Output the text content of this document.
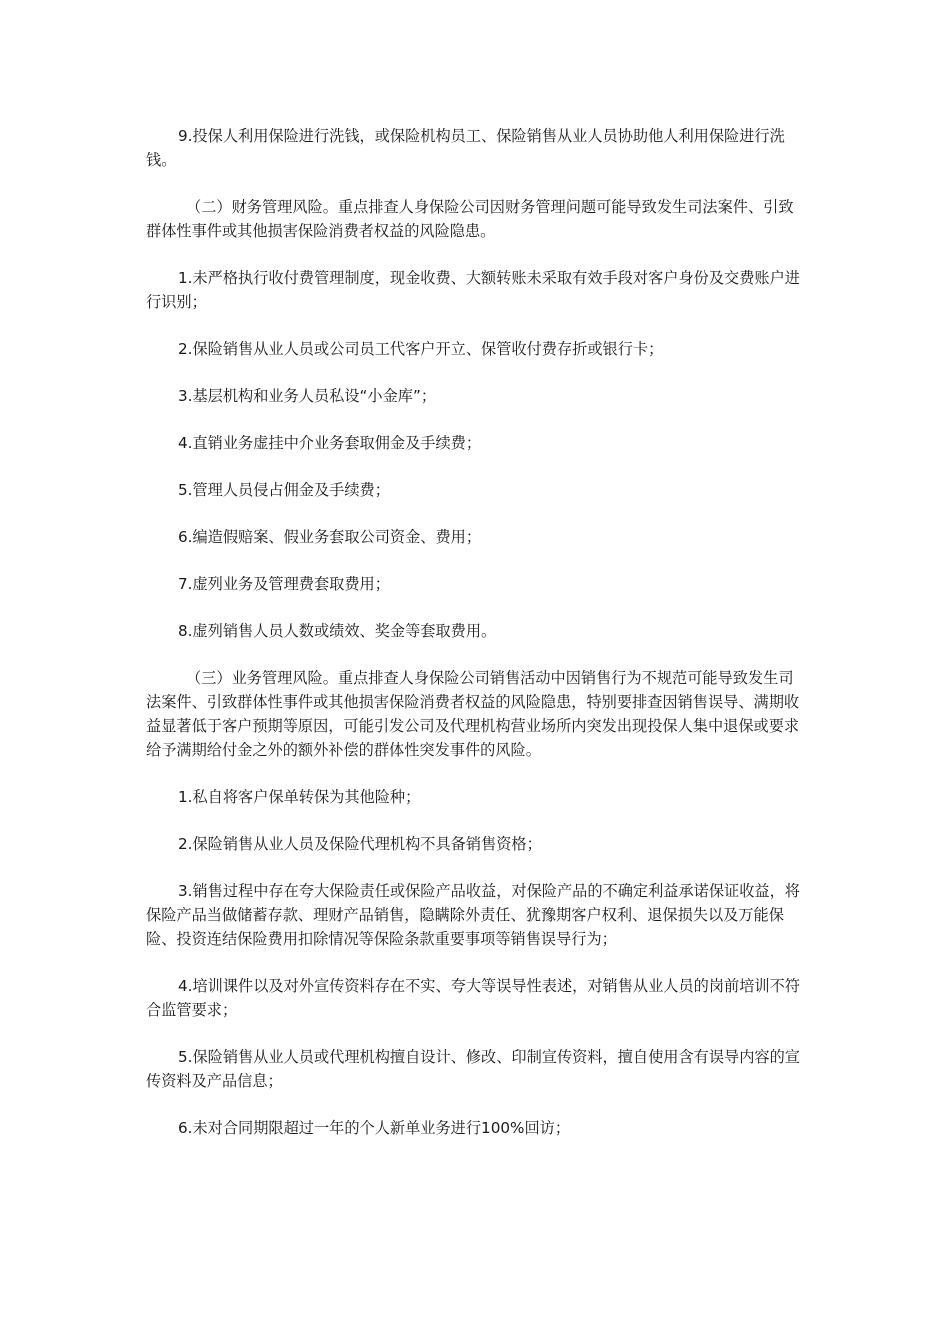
9.投保人利用保险进行洗钱，或保险机构员工、保险销售从业人员协助他人利用保险进行洗钱。

（二）财务管理风险。重点排查人身保险公司因财务管理问题可能导致发生司法案件、引致群体性事件或其他损害保险消费者权益的风险隐患。

1.未严格执行收付费管理制度，现金收费、大额转账未采取有效手段对客户身份及交费账户进行识别；

2.保险销售从业人员或公司员工代客户开立、保管收付费存折或银行卡；

3.基层机构和业务人员私设“小金库”；

4.直销业务虚挂中介业务套取佣金及手续费；

5.管理人员侵占佣金及手续费；

6.编造假赔案、假业务套取公司资金、费用；

7.虚列业务及管理费套取费用；

8.虚列销售人员人数或绩效、奖金等套取费用。

（三）业务管理风险。重点排查人身保险公司销售活动中因销售行为不规范可能导致发生司法案件、引致群体性事件或其他损害保险消费者权益的风险隐患，特别要排查因销售误导、满期收益显著低于客户预期等原因，可能引发公司及代理机构营业场所内突发出现投保人集中退保或要求给予满期给付金之外的额外补偿的群体性突发事件的风险。

1.私自将客户保单转保为其他险种；

2.保险销售从业人员及保险代理机构不具备销售资格；

3.销售过程中存在夸大保险责任或保险产品收益，对保险产品的不确定利益承诺保证收益，将保险产品当做储蓄存款、理财产品销售，隐瞒除外责任、犹豫期客户权利、退保损失以及万能保险、投资连结保险费用扣除情况等保险条款重要事项等销售误导行为；

4.培训课件以及对外宣传资料存在不实、夸大等误导性表述，对销售从业人员的岗前培训不符合监管要求；

5.保险销售从业人员或代理机构擅自设计、修改、印制宣传资料，擅自使用含有误导内容的宣传资料及产品信息；

6.未对合同期限超过一年的个人新单业务进行100%回访；
